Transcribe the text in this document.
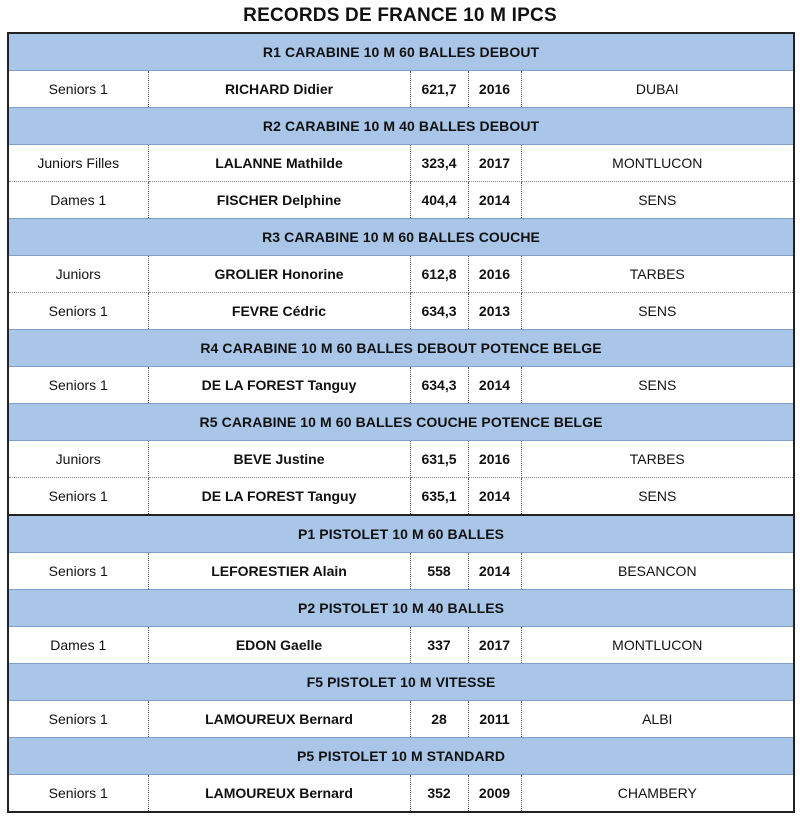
RECORDS DE FRANCE 10 M IPCS
R1 CARABINE 10 M 60 BALLES DEBOUT				
Seniors 1	RICHARD Didier	621,7	2016	DUBAI
R2 CARABINE 10 M 40 BALLES DEBOUT				
Juniors Filles	LALANNE Mathilde	323,4	2017	MONTLUCON
Dames 1	FISCHER Delphine	404,4	2014	SENS
R3 CARABINE 10 M 60 BALLES COUCHE				
Juniors	GROLIER Honorine	612,8	2016	TARBES
Seniors 1	FEVRE Cédric	634,3	2013	SENS
R4 CARABINE 10 M 60 BALLES DEBOUT POTENCE BELGE				
Seniors 1	DE LA FOREST Tanguy	634,3	2014	SENS
R5 CARABINE 10 M 60 BALLES COUCHE POTENCE BELGE				
Juniors	BEVE Justine	631,5	2016	TARBES
Seniors 1	DE LA FOREST Tanguy	635,1	2014	SENS
P1 PISTOLET 10 M 60 BALLES				
Seniors 1	LEFORESTIER Alain	558	2014	BESANCON
P2 PISTOLET 10 M 40 BALLES				
Dames 1	EDON Gaelle	337	2017	MONTLUCON
F5 PISTOLET 10 M VITESSE				
Seniors 1	LAMOUREUX Bernard	28	2011	ALBI
P5 PISTOLET 10 M STANDARD				
Seniors 1	LAMOUREUX Bernard	352	2009	CHAMBERY
